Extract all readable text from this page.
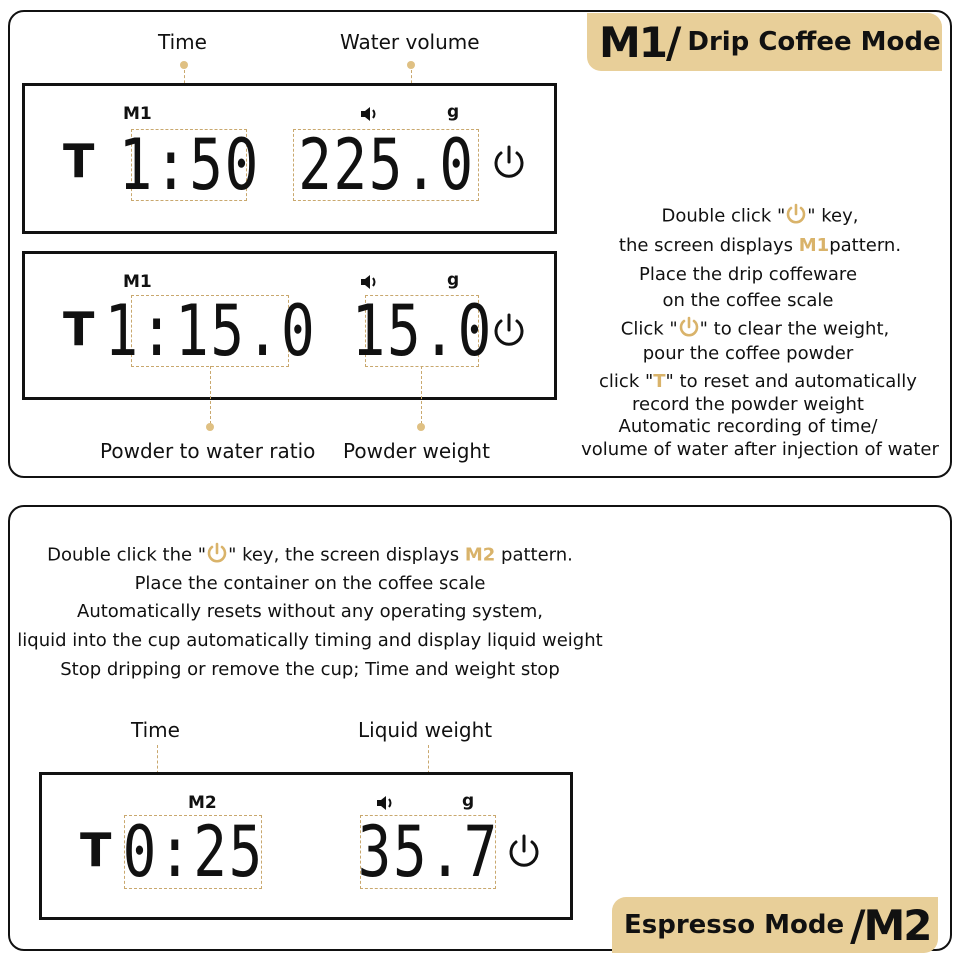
M1/ Drip Coffee Mode
Time	Water volume
M1
T 1:50
g
225.0
M1
T 1:15.0
g
15.0
Powder to water ratio Powder weight
Double click " " key,
the screen displays M1pattern.
Place the drip coffeware
on the coffee scale
Click " " to clear the weight,
pour the coffee powder
click "T" to reset and automatically
record the powder weight
Automatic recording of time/
volume of water after injection of water
Double click the " " key, the screen displays M2 pattern.
Place the container on the coffee scale
Automatically resets without any operating system,
liquid into the cup automatically timing and display liquid weight
Stop dripping or remove the cup; Time and weight stop
Time	Liquid weight
M2
T 0:25
g
35.7
Espresso Mode /M2
